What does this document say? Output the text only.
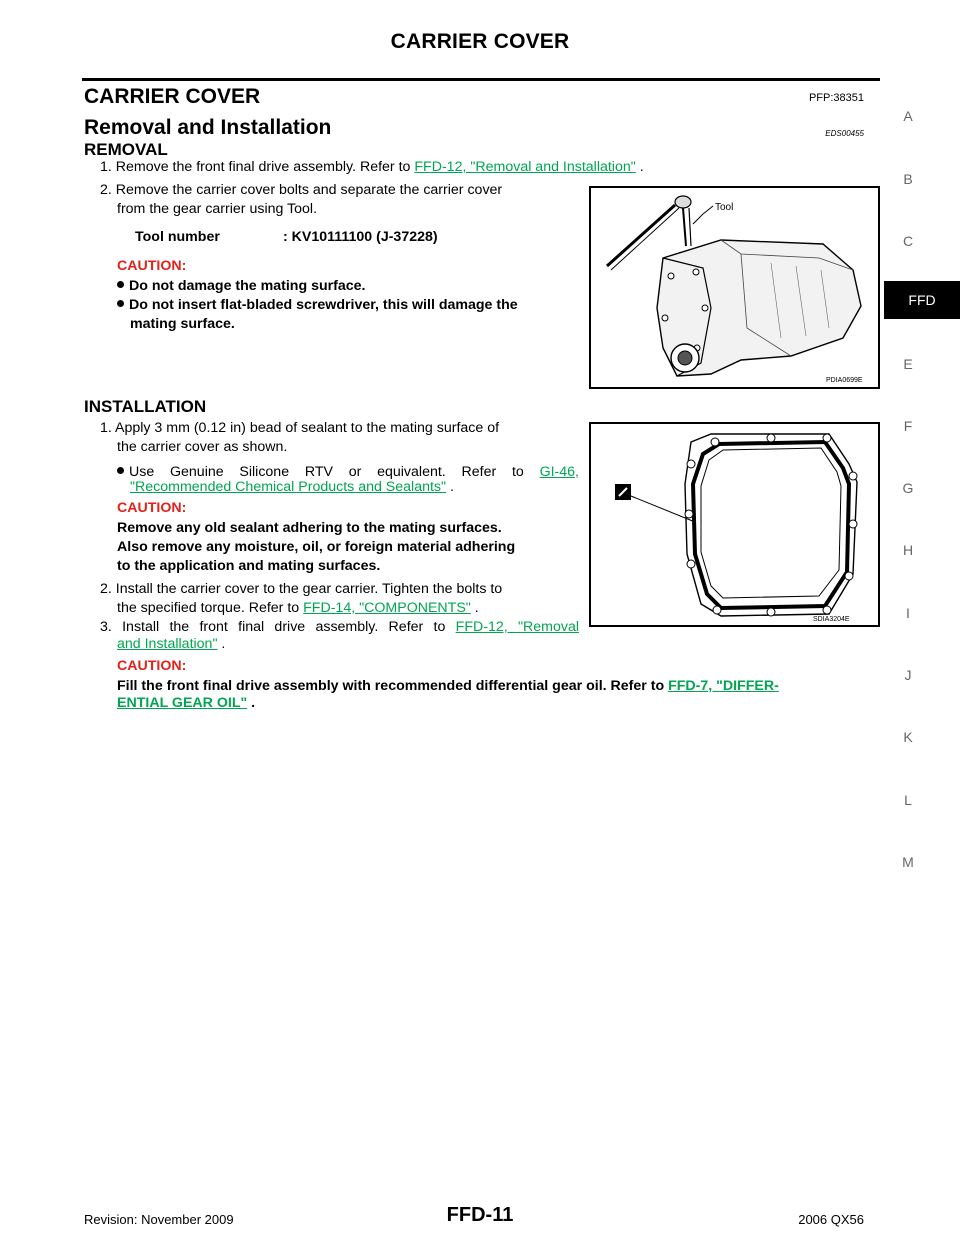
CARRIER COVER
CARRIER COVER	PFP:38351
Removal and Installation	EDS00455
REMOVAL
1. Remove the front final drive assembly. Refer to FFD-12, "Removal and Installation" .
2. Remove the carrier cover bolts and separate the carrier cover
from the gear carrier using Tool.
Tool number	: KV10111100 (J-37228)
CAUTION:
Do not damage the mating surface.
Do not insert flat-bladed screwdriver, this will damage the
mating surface.
Tool
PDIA0699E
INSTALLATION
1. Apply 3 mm (0.12 in) bead of sealant to the mating surface of
the carrier cover as shown.
Use Genuine Silicone RTV or equivalent. Refer to GI-46,
"Recommended Chemical Products and Sealants" .
CAUTION:
Remove any old sealant adhering to the mating surfaces.
Also remove any moisture, oil, or foreign material adhering
to the application and mating surfaces.
2. Install the carrier cover to the gear carrier. Tighten the bolts to
the specified torque. Refer to FFD-14, "COMPONENTS" .
3. Install the front final drive assembly. Refer to FFD-12, "Removal
and Installation" .
CAUTION:
Fill the front final drive assembly with recommended differential gear oil. Refer to FFD-7, "DIFFER-
ENTIAL GEAR OIL" .
SDIA3204E
A
B
C
FFD
E
F
G
H
I
J
K
L
M
Revision: November 2009	FFD-11	2006 QX56
